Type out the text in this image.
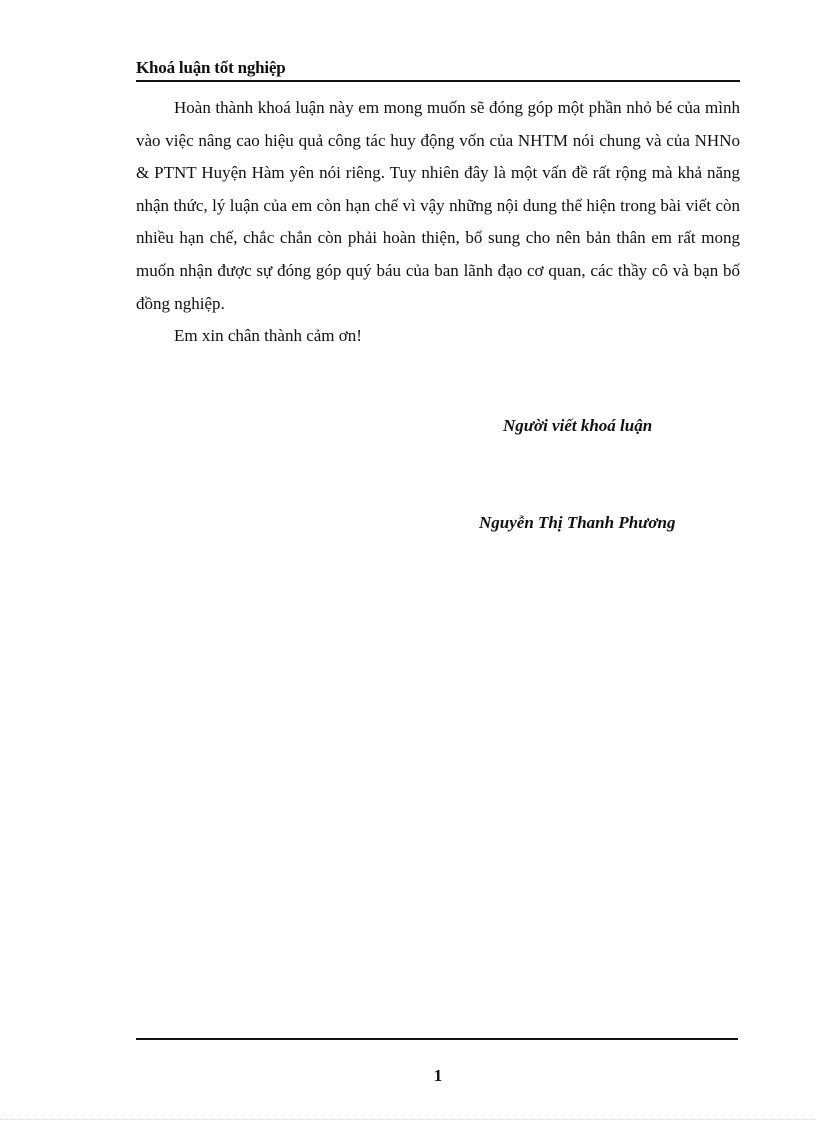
Khoá luận tốt nghiệp

Hoàn thành khoá luận này em mong muốn sẽ đóng góp một phần nhỏ bé của mình vào việc nâng cao hiệu quả công tác huy động vốn của NHTM nói chung và của NHNo & PTNT Huyện Hàm yên nói riêng. Tuy nhiên đây là một vấn đề rất rộng mà khả năng nhận thức, lý luận của em còn hạn chế vì vậy những nội dung thể hiện trong bài viết còn nhiều hạn chế, chắc chắn còn phải hoàn thiện, bổ sung cho nên bản thân em rất mong muốn nhận được sự đóng góp quý báu của ban lãnh đạo cơ quan, các thầy cô và bạn bố đồng nghiệp.

Em xin chân thành cảm ơn!

Người viết khoá luận
Nguyễn Thị Thanh Phương
1
